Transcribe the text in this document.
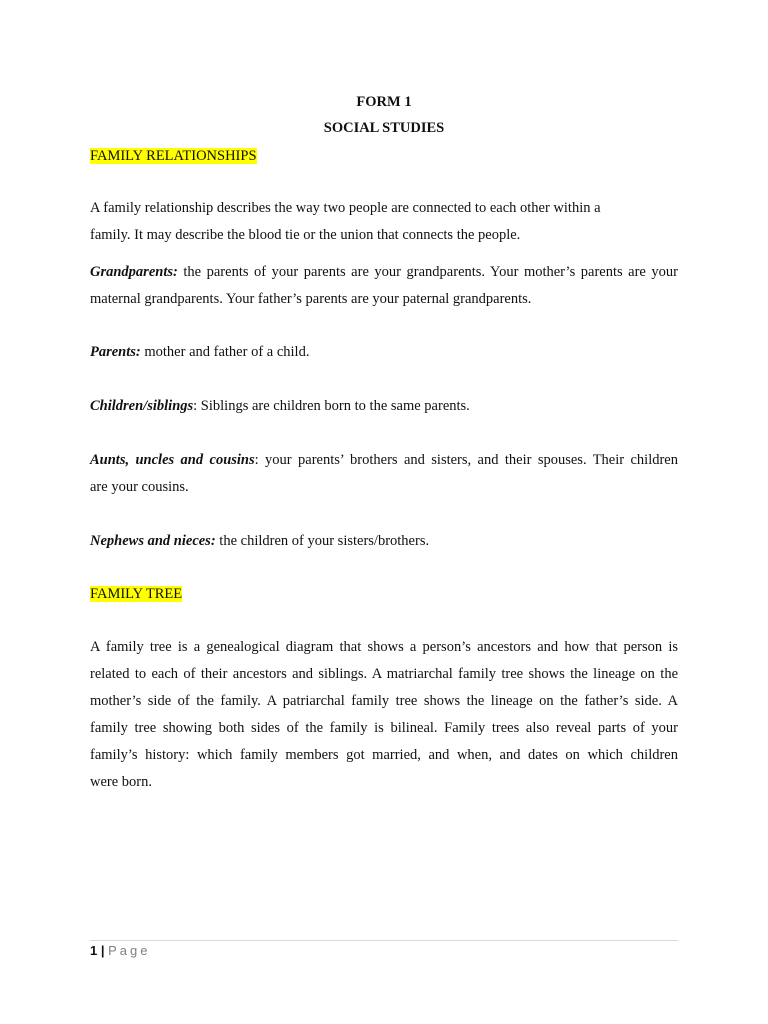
FORM 1
SOCIAL STUDIES
FAMILY RELATIONSHIPS
A family relationship describes the way two people are connected to each other within a
family. It may describe the blood tie or the union that connects the people.
Grandparents: the parents of your parents are your grandparents. Your mother’s parents are your
maternal grandparents. Your father’s parents are your paternal grandparents.
Parents: mother and father of a child.
Children/siblings: Siblings are children born to the same parents.
Aunts, uncles and cousins: your parents’ brothers and sisters, and their spouses. Their children
are your cousins.
Nephews and nieces: the children of your sisters/brothers.
FAMILY TREE
A family tree is a genealogical diagram that shows a person’s ancestors and how that person is
related to each of their ancestors and siblings. A matriarchal family tree shows the lineage on the
mother’s side of the family. A patriarchal family tree shows the lineage on the father’s side. A
family tree showing both sides of the family is bilineal. Family trees also reveal parts of your
family’s history: which family members got married, and when, and dates on which children
were born.
1 | Page
